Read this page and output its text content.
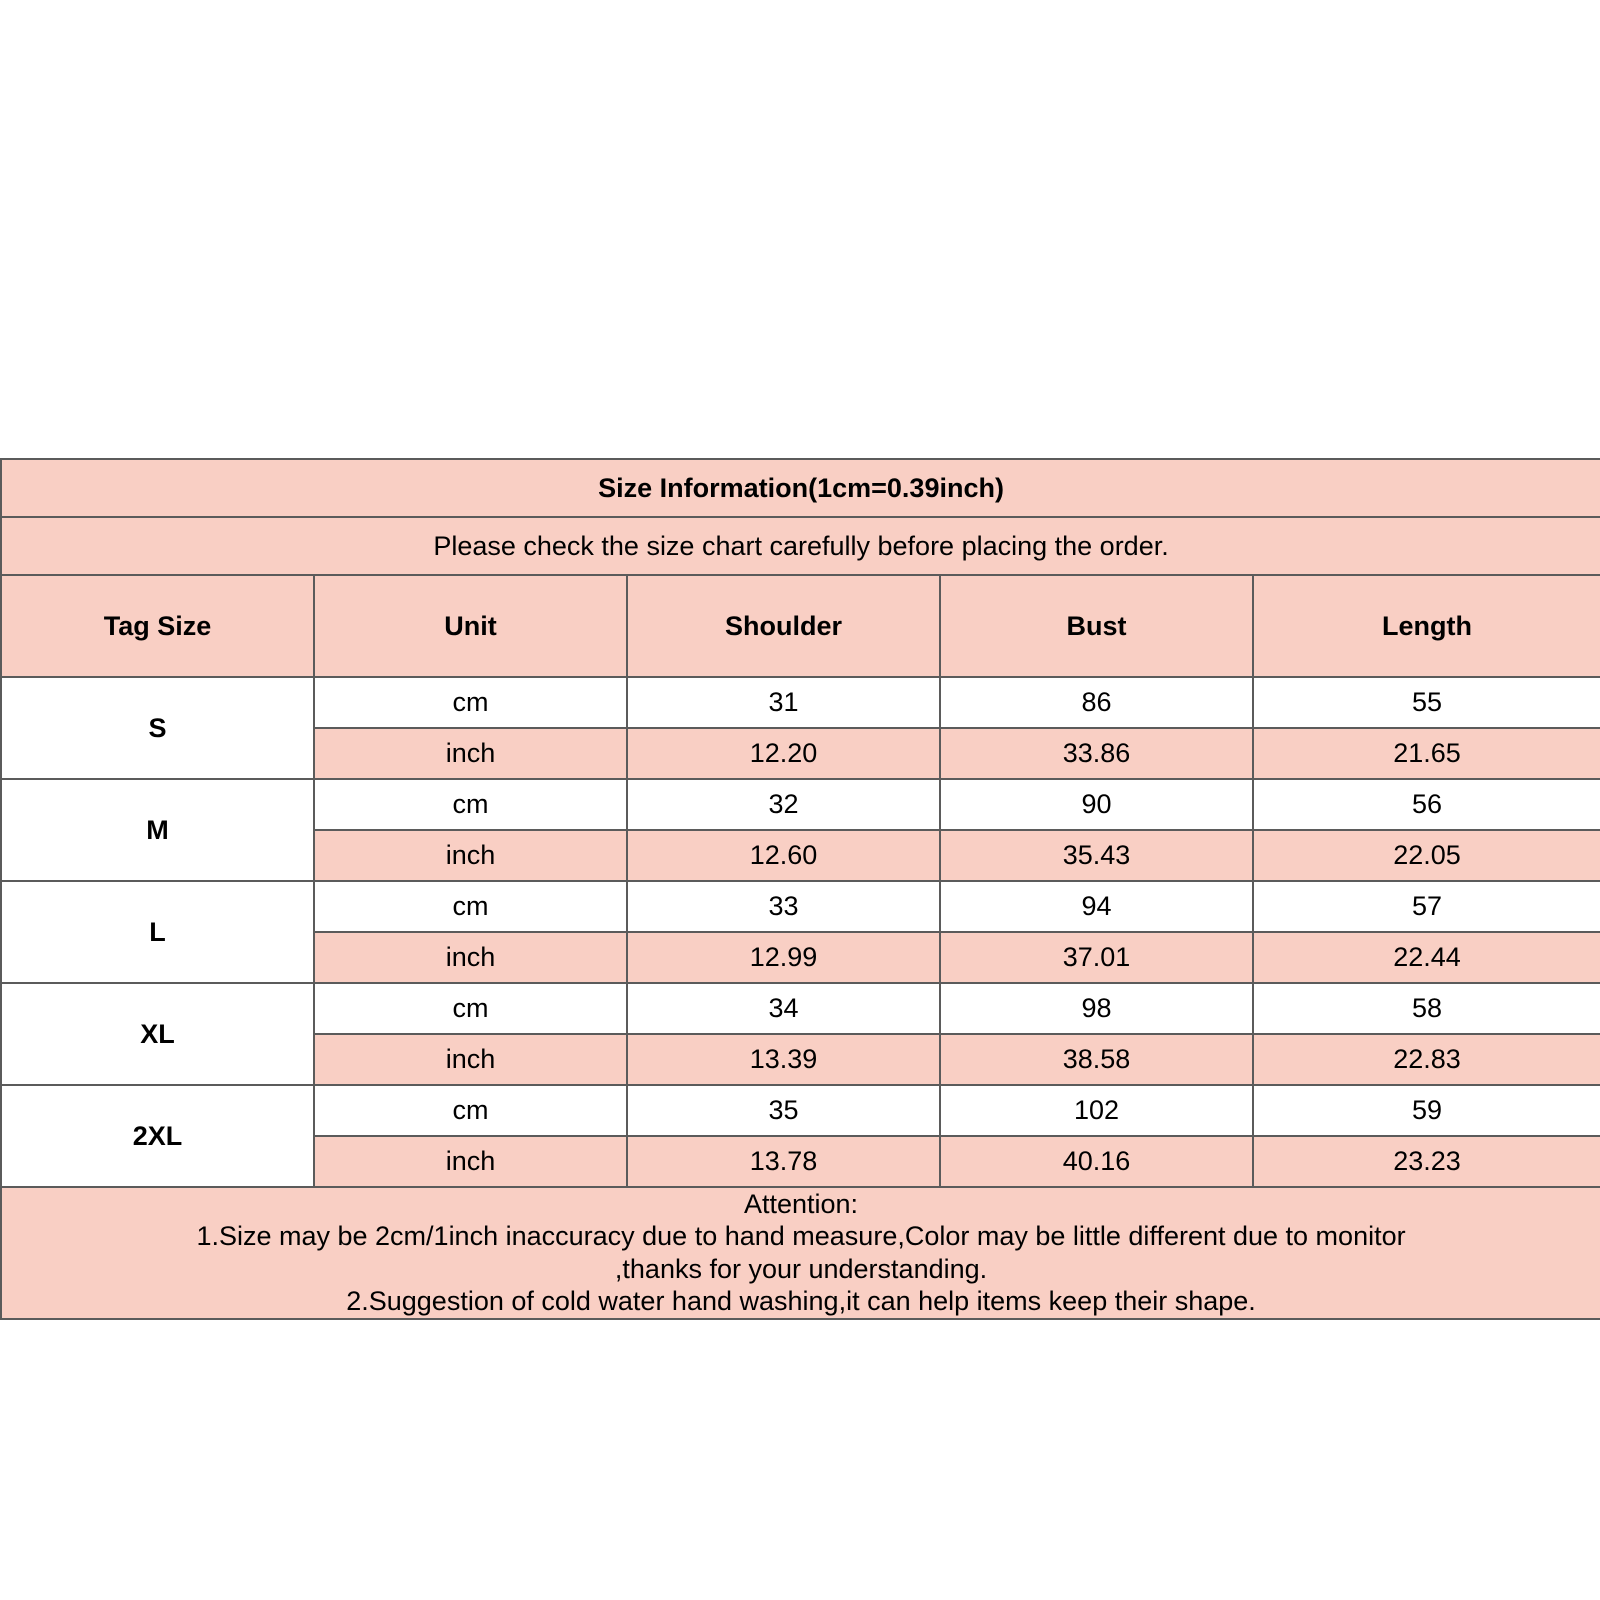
Size Information(1cm=0.39inch)				
Please check the size chart carefully before placing the order.				
Tag Size	Unit	Shoulder	Bust	Length
S	cm	31	86	55
	inch	12.20	33.86	21.65
M	cm	32	90	56
	inch	12.60	35.43	22.05
L	cm	33	94	57
	inch	12.99	37.01	22.44
XL	cm	34	98	58
	inch	13.39	38.58	22.83
2XL	cm	35	102	59
	inch	13.78	40.16	23.23

Attention:
1.Size may be 2cm/1inch inaccuracy due to hand measure,Color may be little different due to monitor
,thanks for your understanding.
2.Suggestion of cold water hand washing,it can help items keep their shape.				
